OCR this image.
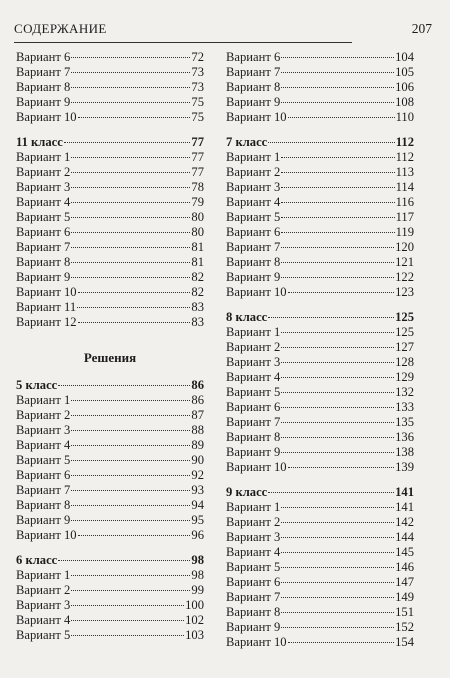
СОДЕРЖАНИЕ	207
Вариант 6	72
Вариант 7	73
Вариант 8	73
Вариант 9	75
Вариант 10	75
11 класс	77
Вариант 1	77
Вариант 2	77
Вариант 3	78
Вариант 4	79
Вариант 5	80
Вариант 6	80
Вариант 7	81
Вариант 8	81
Вариант 9	82
Вариант 10	82
Вариант 11	83
Вариант 12	83
Решения
5 класс	86
Вариант 1	86
Вариант 2	87
Вариант 3	88
Вариант 4	89
Вариант 5	90
Вариант 6	92
Вариант 7	93
Вариант 8	94
Вариант 9	95
Вариант 10	96
6 класс	98
Вариант 1	98
Вариант 2	99
Вариант 3	100
Вариант 4	102
Вариант 5	103
Вариант 6	104
Вариант 7	105
Вариант 8	106
Вариант 9	108
Вариант 10	110
7 класс	112
Вариант 1	112
Вариант 2	113
Вариант 3	114
Вариант 4	116
Вариант 5	117
Вариант 6	119
Вариант 7	120
Вариант 8	121
Вариант 9	122
Вариант 10	123
8 класс	125
Вариант 1	125
Вариант 2	127
Вариант 3	128
Вариант 4	129
Вариант 5	132
Вариант 6	133
Вариант 7	135
Вариант 8	136
Вариант 9	138
Вариант 10	139
9 класс	141
Вариант 1	141
Вариант 2	142
Вариант 3	144
Вариант 4	145
Вариант 5	146
Вариант 6	147
Вариант 7	149
Вариант 8	151
Вариант 9	152
Вариант 10	154
